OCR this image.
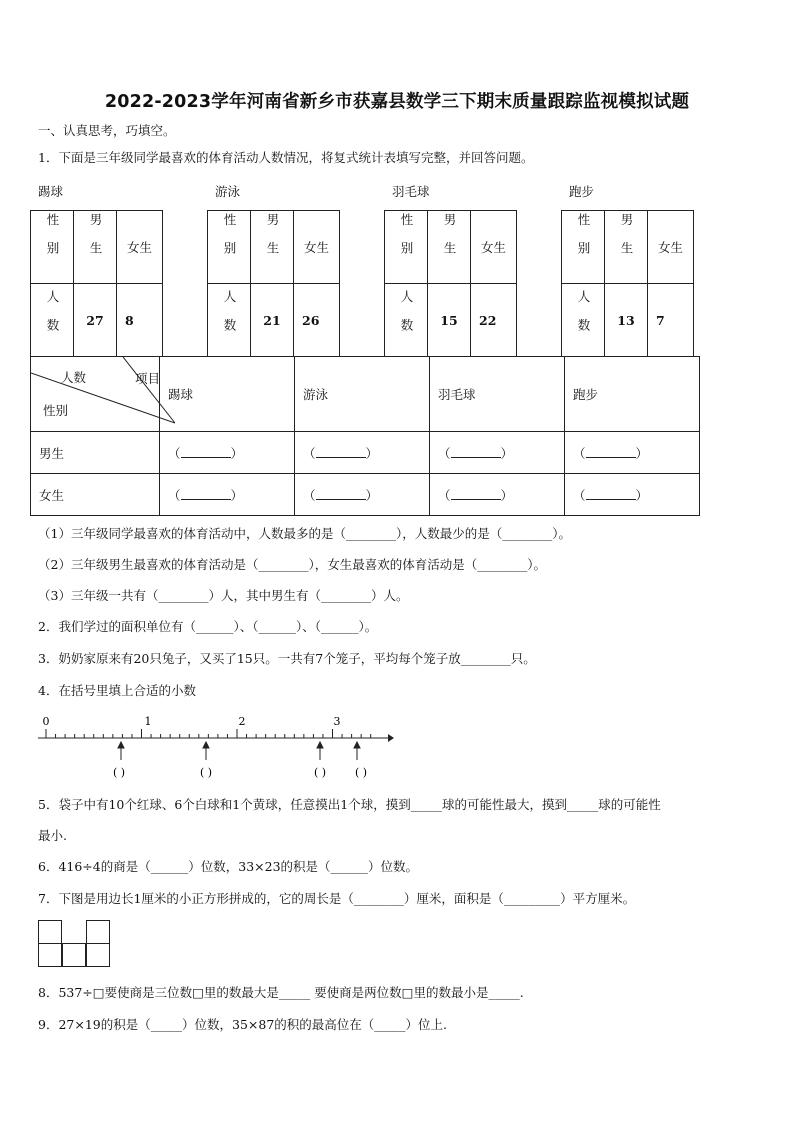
2022-2023学年河南省新乡市获嘉县数学三下期末质量跟踪监视模拟试题
一、认真思考，巧填空。
1．下面是三年级同学最喜欢的体育活动人数情况，将复式统计表填写完整，并回答问题。
踢球	游泳	羽毛球	跑步
性别	男生	女生
人数	27	8
性别	男生	女生
人数	21	26
性别	男生	女生
人数	15	22
性别	男生	女生
人数	13	7
人数 项目
性别	踢球	游泳	羽毛球	跑步
男生	（ ）	（ ）	（ ）	（ ）
女生	（ ）	（ ）	（ ）	（ ）
（1）三年级同学最喜欢的体育活动中，人数最多的是（________），人数最少的是（________）。
（2）三年级男生最喜欢的体育活动是（________），女生最喜欢的体育活动是（________）。
（3）三年级一共有（________）人，其中男生有（________）人。
2．我们学过的面积单位有（______）、（______）、（______）。
3．奶奶家原来有20只兔子，又买了15只。一共有7个笼子，平均每个笼子放________只。
4．在括号里填上合适的小数
0	1	2	3
( )	( )	( )	( )
5．袋子中有10个红球、6个白球和1个黄球，任意摸出1个球，摸到_____球的可能性最大，摸到_____球的可能性
最小.
6．416÷4的商是（______）位数，33×23的积是（______）位数。
7．下图是用边长1厘米的小正方形拼成的，它的周长是（________）厘米，面积是（_________）平方厘米。
8．537÷□要使商是三位数□里的数最大是_____ 要使商是两位数□里的数最小是_____.
9．27×19的积是（_____）位数，35×87的积的最高位在（_____）位上.
